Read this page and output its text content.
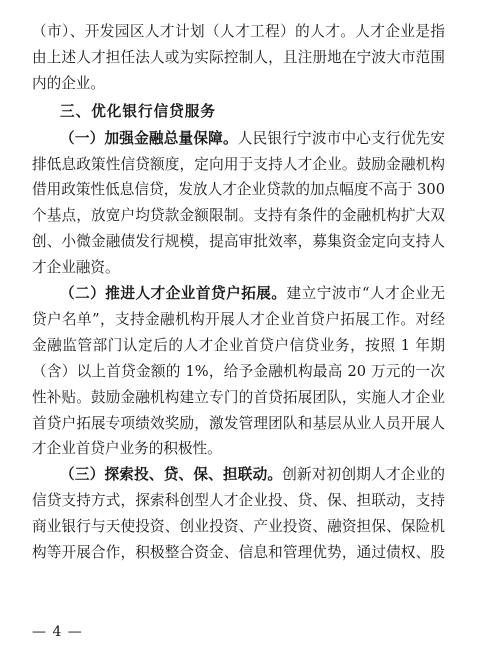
（市）、开发园区人才计划（人才工程）的人才。人才企业是指
由上述人才担任法人或为实际控制人，且注册地在宁波大市范围
内的企业。
三、优化银行信贷服务
（一）加强金融总量保障。人民银行宁波市中心支行优先安
排低息政策性信贷额度，定向用于支持人才企业。鼓励金融机构
借用政策性低息信贷，发放人才企业贷款的加点幅度不高于 300
个基点，放宽户均贷款金额限制。支持有条件的金融机构扩大双
创、小微金融债发行规模，提高审批效率，募集资金定向支持人
才企业融资。
（二）推进人才企业首贷户拓展。建立宁波市“人才企业无
贷户名单”，支持金融机构开展人才企业首贷户拓展工作。对经
金融监管部门认定后的人才企业首贷户信贷业务，按照 1 年期
（含）以上首贷金额的 1%，给予金融机构最高 20 万元的一次
性补贴。鼓励金融机构建立专门的首贷拓展团队，实施人才企业
首贷户拓展专项绩效奖励，激发管理团队和基层从业人员开展人
才企业首贷户业务的积极性。
（三）探索投、贷、保、担联动。创新对初创期人才企业的
信贷支持方式，探索科创型人才企业投、贷、保、担联动，支持
商业银行与天使投资、创业投资、产业投资、融资担保、保险机
构等开展合作，积极整合资金、信息和管理优势，通过债权、股
— 4 —
